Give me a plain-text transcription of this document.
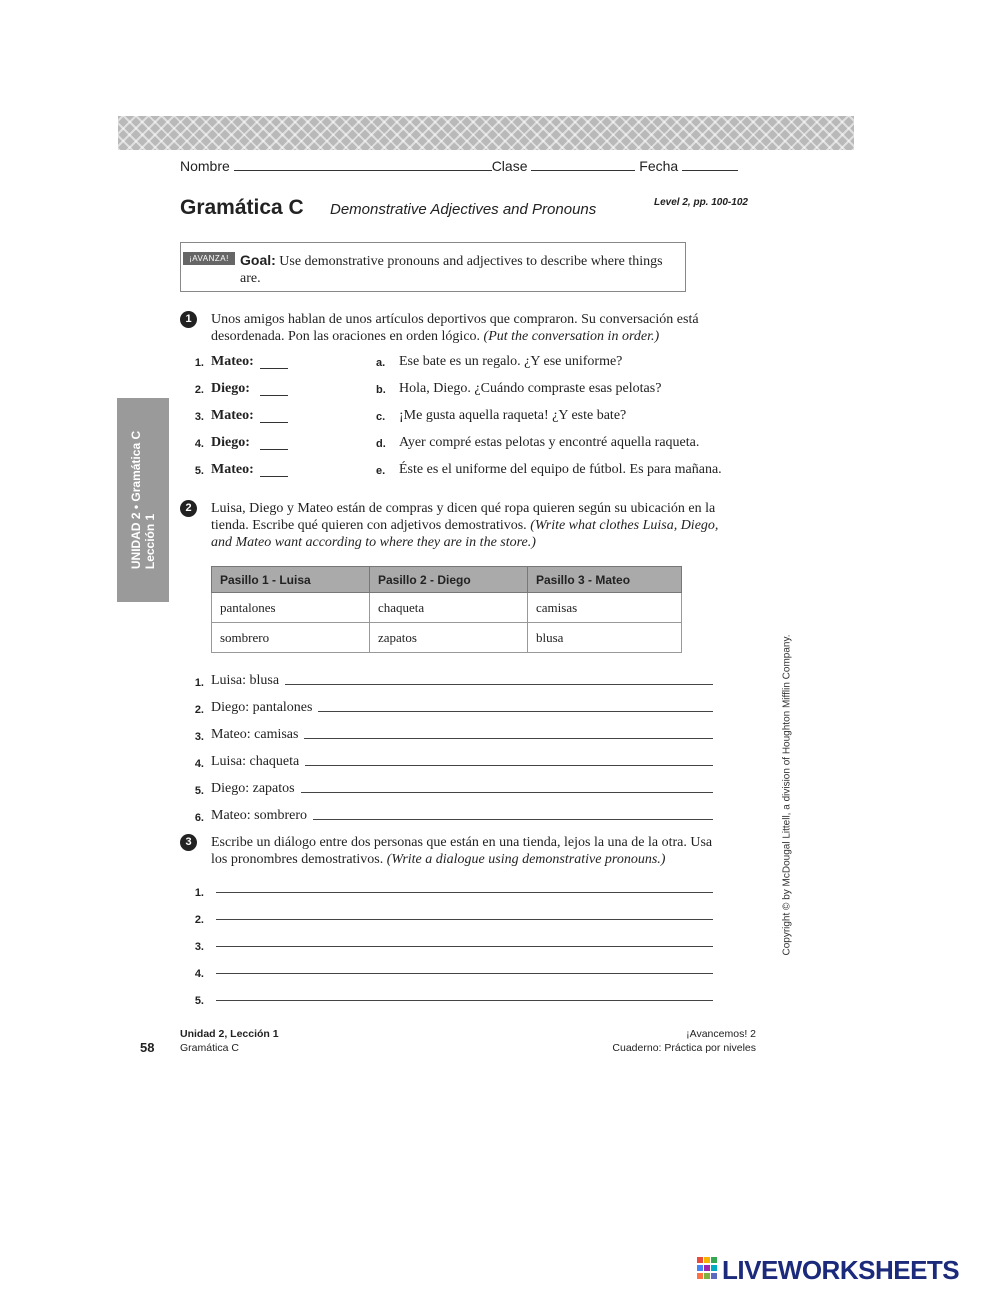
Nombre	Clase	Fecha
Gramática C Demonstrative Adjectives and Pronouns	Level 2, pp. 100-102
¡AVANZA! Goal: Use demonstrative pronouns and adjectives to describe where things are.
UNIDAD 2 • Gramática C Lección 1
1	Unos amigos hablan de unos artículos deportivos que compraron. Su conversación está desordenada. Pon las oraciones en orden lógico. (Put the conversation in order.)
1. Mateo:	a. Ese bate es un regalo. ¿Y ese uniforme?
2. Diego:	b. Hola, Diego. ¿Cuándo compraste esas pelotas?
3. Mateo:	c. ¡Me gusta aquella raqueta! ¿Y este bate?
4. Diego:	d. Ayer compré estas pelotas y encontré aquella raqueta.
5. Mateo:	e. Éste es el uniforme del equipo de fútbol. Es para mañana.
2	Luisa, Diego y Mateo están de compras y dicen qué ropa quieren según su ubicación en la tienda. Escribe qué quieren con adjetivos demostrativos. (Write what clothes Luisa, Diego, and Mateo want according to where they are in the store.)
Pasillo 1 - Luisa	Pasillo 2 - Diego	Pasillo 3 - Mateo
pantalones	chaqueta	camisas
sombrero	zapatos	blusa
1. Luisa: blusa
2. Diego: pantalones
3. Mateo: camisas
4. Luisa: chaqueta
5. Diego: zapatos
6. Mateo: sombrero
3	Escribe un diálogo entre dos personas que están en una tienda, lejos la una de la otra. Usa los pronombres demostrativos. (Write a dialogue using demonstrative pronouns.)
1.
2.
3.
4.
5.
Copyright © by McDougal Littell, a division of Houghton Mifflin Company.
58
Unidad 2, Lección 1
Gramática C
¡Avancemos! 2
Cuaderno: Práctica por niveles
LIVEWORKSHEETS
